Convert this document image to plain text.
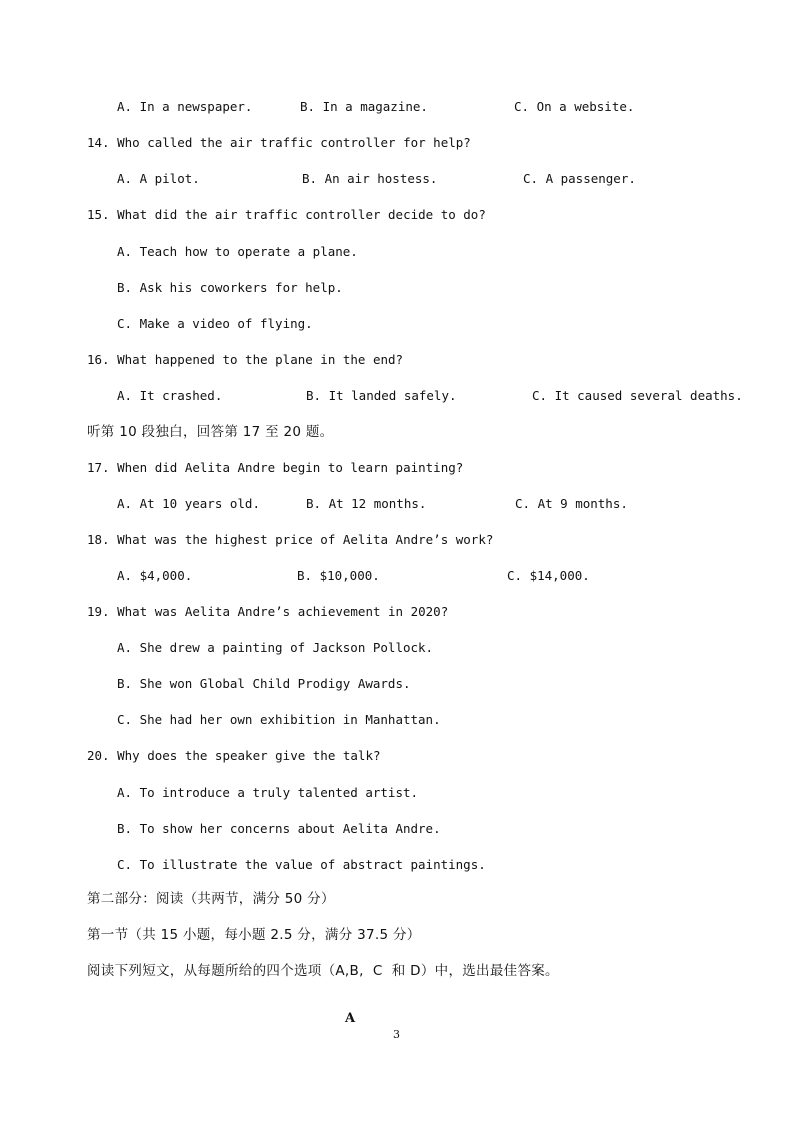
A. In a newspaper.	B. In a magazine.	C. On a website.
14. Who called the air traffic controller for help?
A. A pilot.	B. An air hostess.	C. A passenger.
15. What did the air traffic controller decide to do?
A. Teach how to operate a plane.
B. Ask his coworkers for help.
C. Make a video of flying.
16. What happened to the plane in the end?
A. It crashed.	B. It landed safely.	C. It caused several deaths.
听第 10 段独白，回答第 17 至 20 题。
17. When did Aelita Andre begin to learn painting?
A. At 10 years old.	B. At 12 months.	C. At 9 months.
18. What was the highest price of Aelita Andre’s work?
A. $4,000.	B. $10,000.	C. $14,000.
19. What was Aelita Andre’s achievement in 2020?
A. She drew a painting of Jackson Pollock.
B. She won Global Child Prodigy Awards.
C. She had her own exhibition in Manhattan.
20. Why does the speaker give the talk?
A. To introduce a truly talented artist.
B. To show her concerns about Aelita Andre.
C. To illustrate the value of abstract paintings.
第二部分：阅读（共两节，满分 50 分）
第一节（共 15 小题，每小题 2.5 分，满分 37.5 分）
阅读下列短文，从每题所给的四个选项（A,B,  C  和 D）中，选出最佳答案。
A
3
